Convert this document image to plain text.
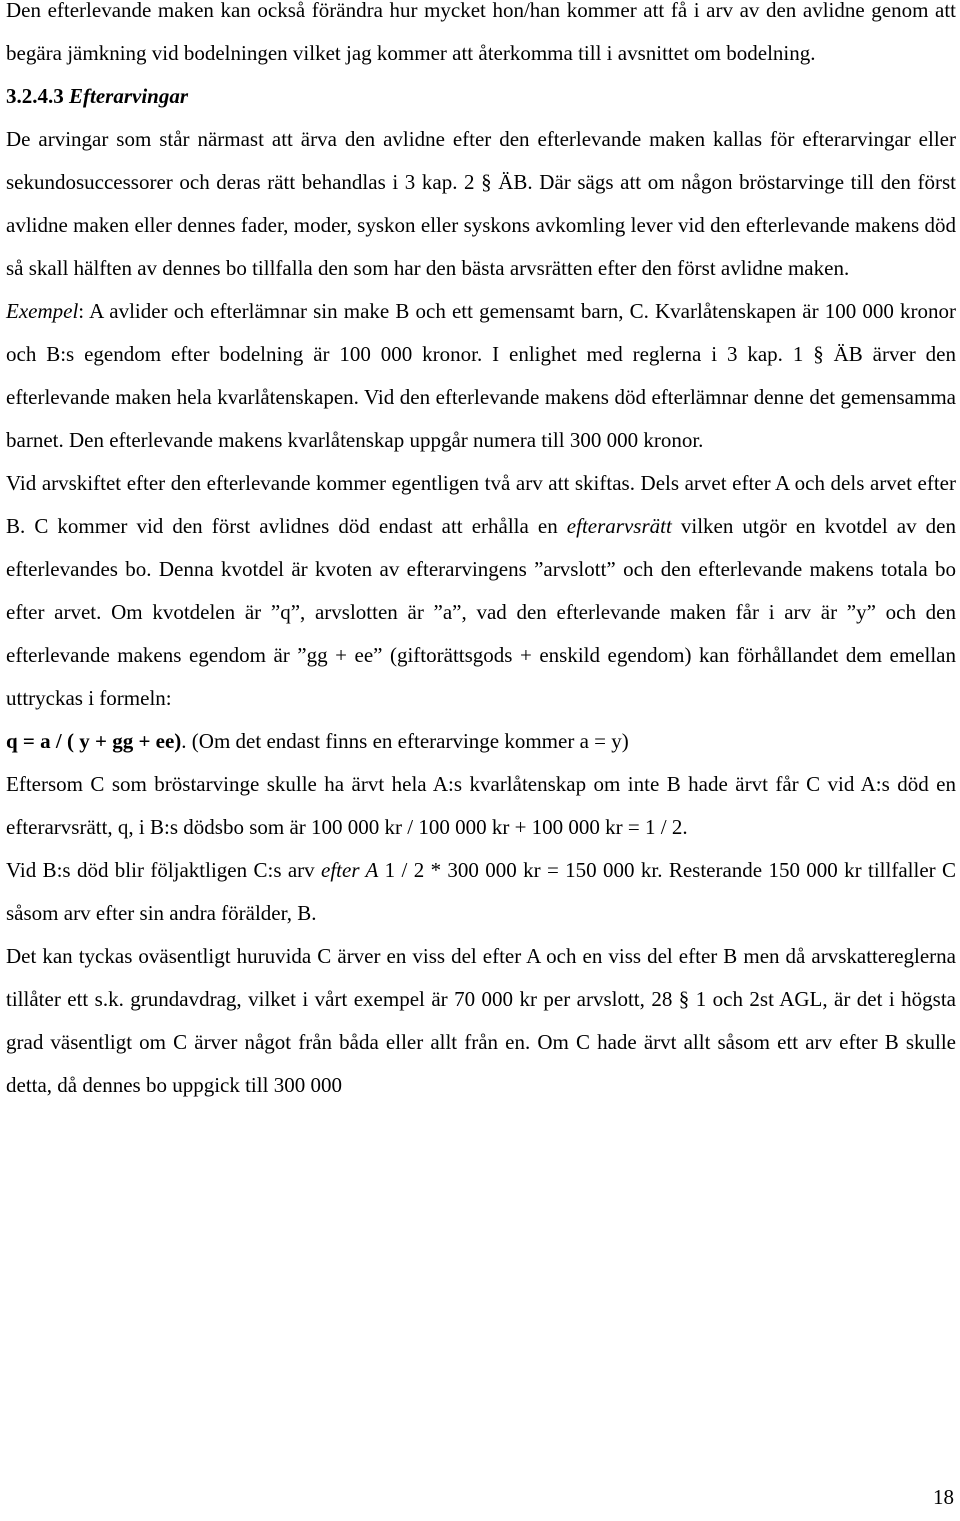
Den efterlevande maken kan också förändra hur mycket hon/han kommer att få i arv av den avlidne genom att begära jämkning vid bodelningen vilket jag kommer att återkomma till i avsnittet om bodelning.

3.2.4.3 Efterarvingar

De arvingar som står närmast att ärva den avlidne efter den efterlevande maken kallas för efterarvingar eller sekundosuccessorer och deras rätt behandlas i 3 kap. 2 § ÄB. Där sägs att om någon bröstarvinge till den först avlidne maken eller dennes fader, moder, syskon eller syskons avkomling lever vid den efterlevande makens död så skall hälften av dennes bo tillfalla den som har den bästa arvsrätten efter den först avlidne maken.

Exempel: A avlider och efterlämnar sin make B och ett gemensamt barn, C. Kvarlåtenskapen är 100 000 kronor och B:s egendom efter bodelning är 100 000 kronor. I enlighet med reglerna i 3 kap. 1 § ÄB ärver den efterlevande maken hela kvarlåtenskapen. Vid den efterlevande makens död efterlämnar denne det gemensamma barnet. Den efterlevande makens kvarlåtenskap uppgår numera till 300 000 kronor.

Vid arvskiftet efter den efterlevande kommer egentligen två arv att skiftas. Dels arvet efter A och dels arvet efter B. C kommer vid den först avlidnes död endast att erhålla en efterarvsrätt vilken utgör en kvotdel av den efterlevandes bo. Denna kvotdel är kvoten av efterarvingens ”arvslott” och den efterlevande makens totala bo efter arvet. Om kvotdelen är ”q”, arvslotten är ”a”, vad den efterlevande maken får i arv är ”y” och den efterlevande makens egendom är ”gg + ee” (giftorättsgods + enskild egendom) kan förhållandet dem emellan uttryckas i formeln:

q = a / ( y + gg + ee). (Om det endast finns en efterarvinge kommer a = y)

Eftersom C som bröstarvinge skulle ha ärvt hela A:s kvarlåtenskap om inte B hade ärvt får C vid A:s död en efterarvsrätt, q, i B:s dödsbo som är 100 000 kr / 100 000 kr + 100 000 kr = 1 / 2.

Vid B:s död blir följaktligen C:s arv efter A 1 / 2 * 300 000 kr = 150 000 kr. Resterande 150 000 kr tillfaller C såsom arv efter sin andra förälder, B.

Det kan tyckas oväsentligt huruvida C ärver en viss del efter A och en viss del efter B men då arvskattereglerna tillåter ett s.k. grundavdrag, vilket i vårt exempel är 70 000 kr per arvslott, 28 § 1 och 2st AGL, är det i högsta grad väsentligt om C ärver något från båda eller allt från en. Om C hade ärvt allt såsom ett arv efter B skulle detta, då dennes bo uppgick till 300 000

18
